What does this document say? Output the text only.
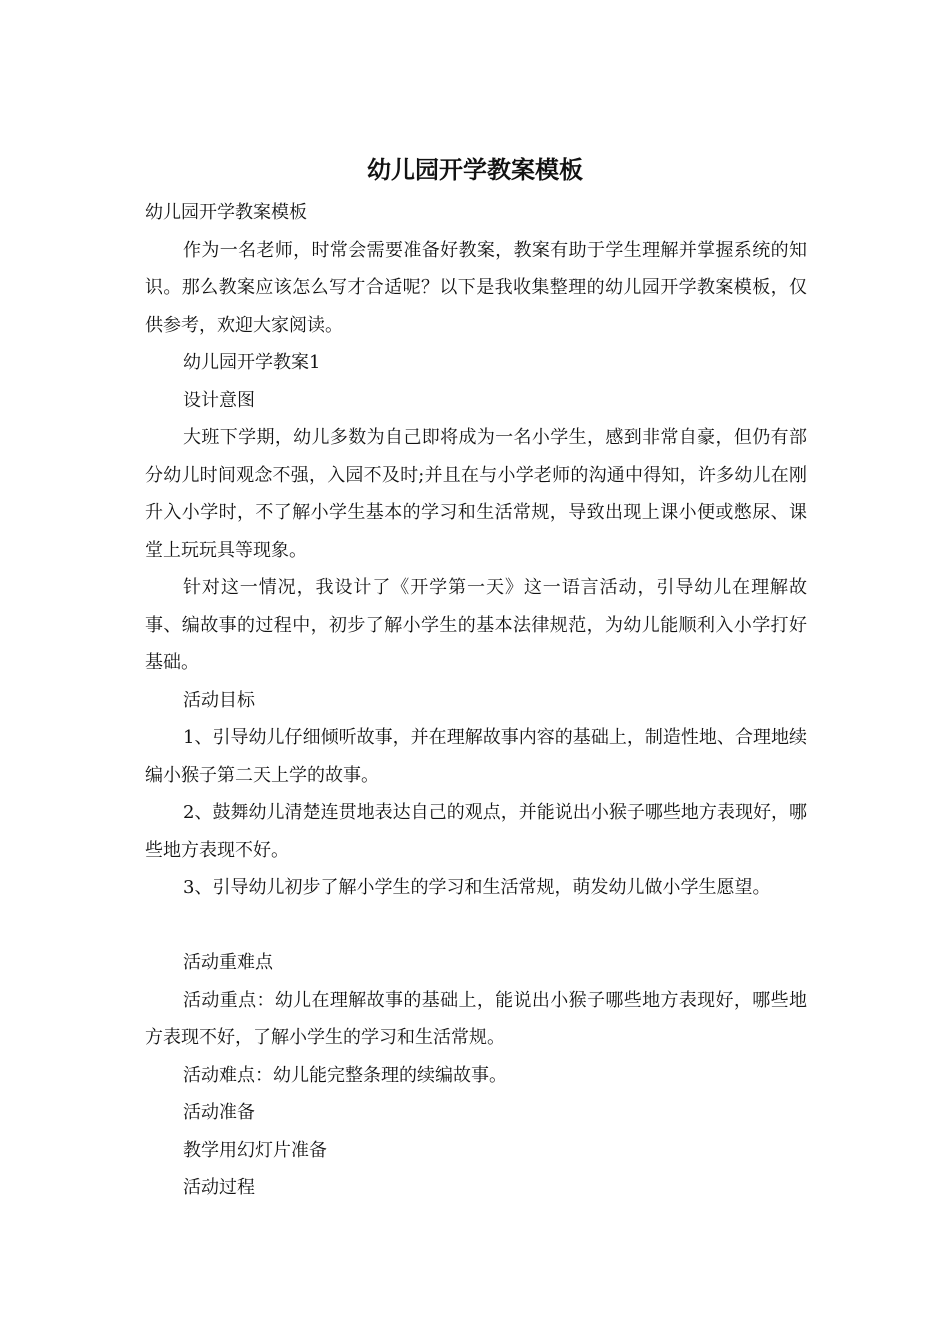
幼儿园开学教案模板

幼儿园开学教案模板

作为一名老师，时常会需要准备好教案，教案有助于学生理解并掌握系统的知识。那么教案应该怎么写才合适呢？以下是我收集整理的幼儿园开学教案模板，仅供参考，欢迎大家阅读。

幼儿园开学教案1

设计意图

大班下学期，幼儿多数为自己即将成为一名小学生，感到非常自豪，但仍有部分幼儿时间观念不强，入园不及时;并且在与小学老师的沟通中得知，许多幼儿在刚升入小学时，不了解小学生基本的学习和生活常规，导致出现上课小便或憋尿、课堂上玩玩具等现象。

针对这一情况，我设计了《开学第一天》这一语言活动，引导幼儿在理解故事、编故事的过程中，初步了解小学生的基本法律规范，为幼儿能顺利入小学打好基础。

活动目标

1、引导幼儿仔细倾听故事，并在理解故事内容的基础上，制造性地、合理地续编小猴子第二天上学的故事。

2、鼓舞幼儿清楚连贯地表达自己的观点，并能说出小猴子哪些地方表现好，哪些地方表现不好。

3、引导幼儿初步了解小学生的学习和生活常规，萌发幼儿做小学生愿望。

活动重难点

活动重点：幼儿在理解故事的基础上，能说出小猴子哪些地方表现好，哪些地方表现不好，了解小学生的学习和生活常规。

活动难点：幼儿能完整条理的续编故事。

活动准备

教学用幻灯片准备

活动过程
